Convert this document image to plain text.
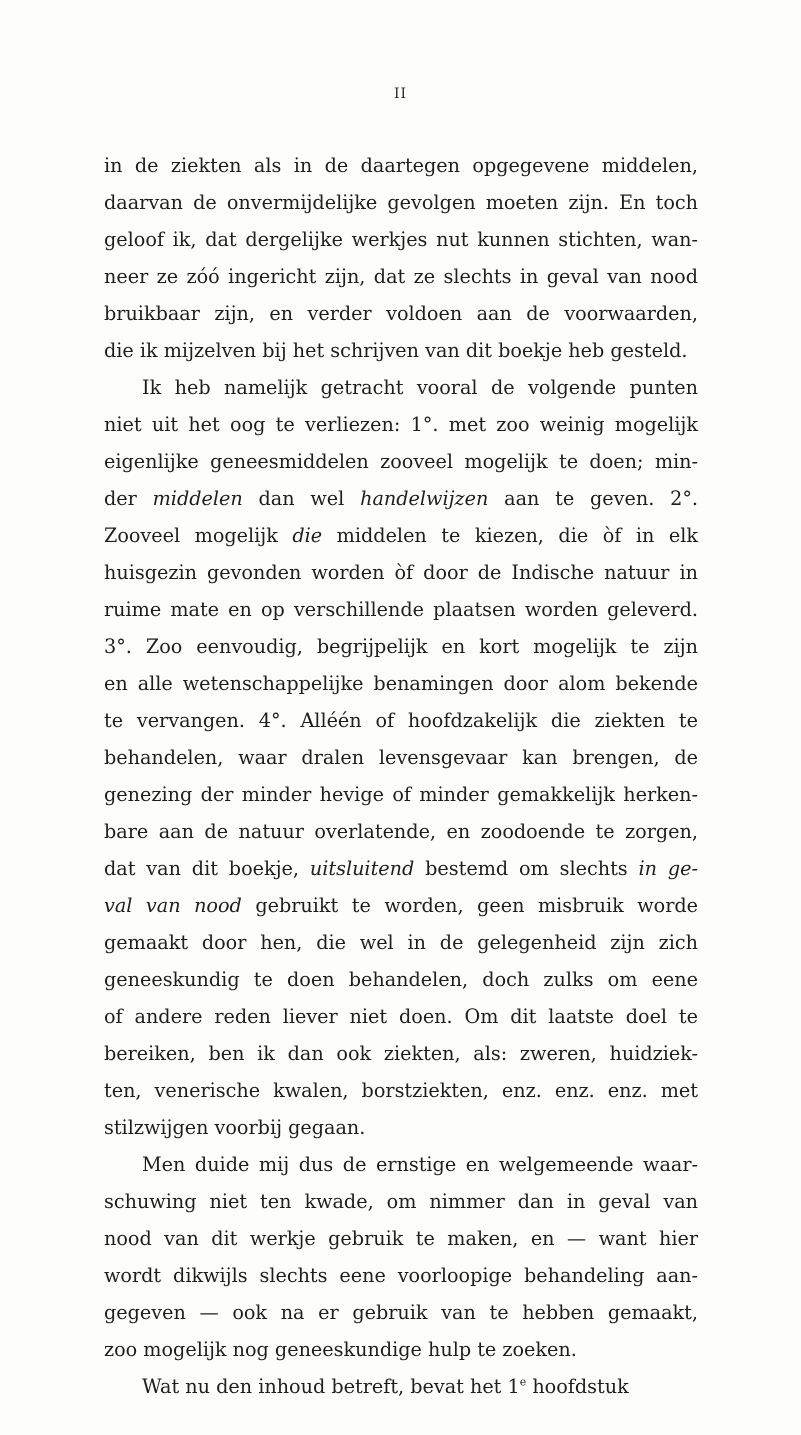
II
in de ziekten als in de daartegen opgegevene middelen,
daarvan de onvermijdelijke gevolgen moeten zijn. En toch
geloof ik, dat dergelijke werkjes nut kunnen stichten, wan-
neer ze zóó ingericht zijn, dat ze slechts in geval van nood
bruikbaar zijn, en verder voldoen aan de voorwaarden,
die ik mijzelven bij het schrijven van dit boekje heb gesteld.
Ik heb namelijk getracht vooral de volgende punten
niet uit het oog te verliezen: 1°. met zoo weinig mogelijk
eigenlijke geneesmiddelen zooveel mogelijk te doen; min-
der middelen dan wel handelwijzen aan te geven. 2°.
Zooveel mogelijk die middelen te kiezen, die òf in elk
huisgezin gevonden worden òf door de Indische natuur in
ruime mate en op verschillende plaatsen worden geleverd.
3°. Zoo eenvoudig, begrijpelijk en kort mogelijk te zijn
en alle wetenschappelijke benamingen door alom bekende
te vervangen. 4°. Alléén of hoofdzakelijk die ziekten te
behandelen, waar dralen levensgevaar kan brengen, de
genezing der minder hevige of minder gemakkelijk herken-
bare aan de natuur overlatende, en zoodoende te zorgen,
dat van dit boekje, uitsluitend bestemd om slechts in ge-
val van nood gebruikt te worden, geen misbruik worde
gemaakt door hen, die wel in de gelegenheid zijn zich
geneeskundig te doen behandelen, doch zulks om eene
of andere reden liever niet doen. Om dit laatste doel te
bereiken, ben ik dan ook ziekten, als: zweren, huidziek-
ten, venerische kwalen, borstziekten, enz. enz. enz. met
stilzwijgen voorbij gegaan.
Men duide mij dus de ernstige en welgemeende waar-
schuwing niet ten kwade, om nimmer dan in geval van
nood van dit werkje gebruik te maken, en — want hier
wordt dikwijls slechts eene voorloopige behandeling aan-
gegeven — ook na er gebruik van te hebben gemaakt,
zoo mogelijk nog geneeskundige hulp te zoeken.
Wat nu den inhoud betreft, bevat het 1e hoofdstuk
